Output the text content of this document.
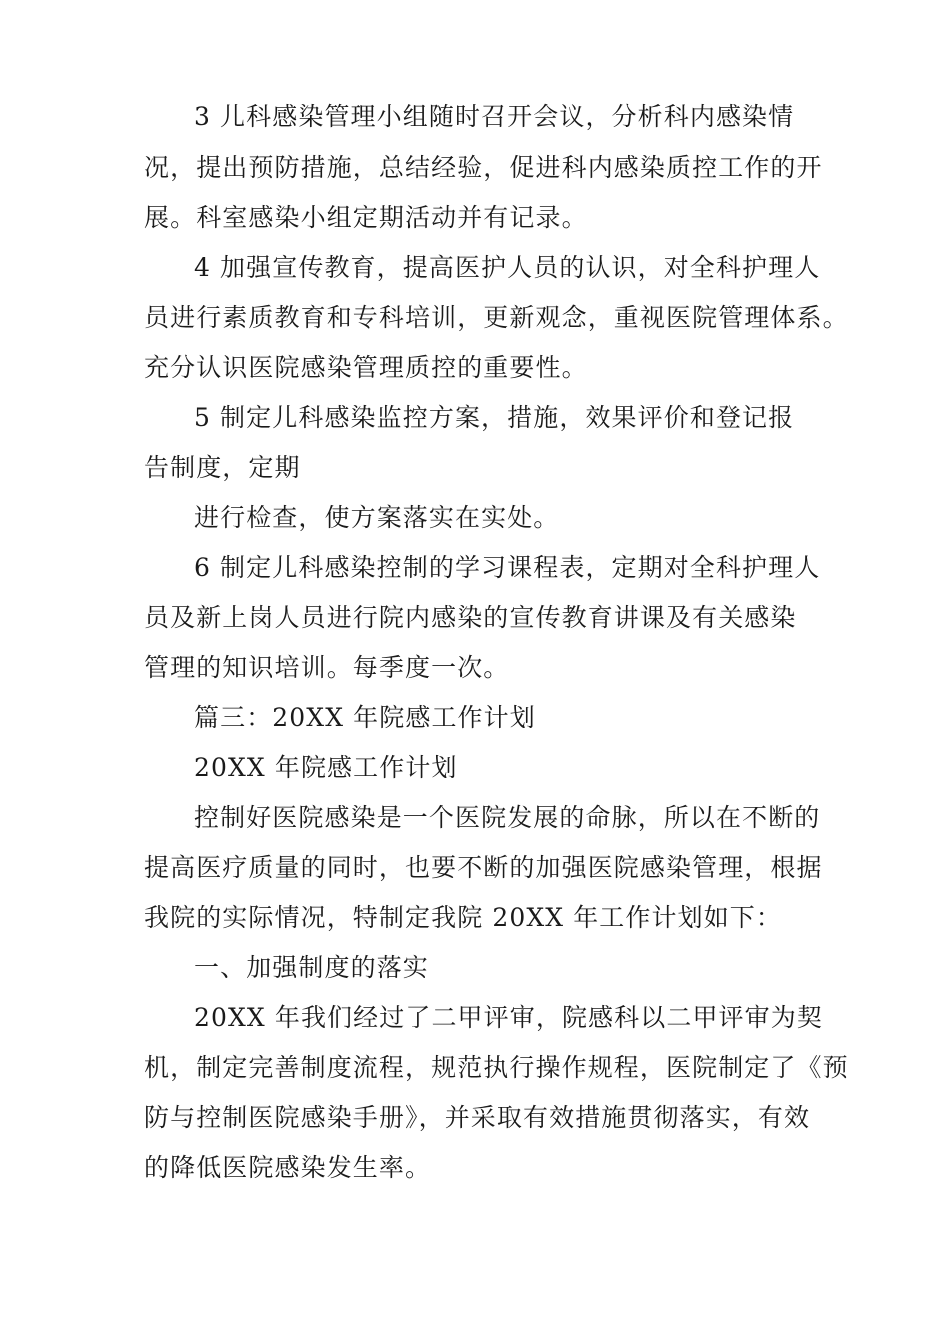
3 儿科感染管理小组随时召开会议，分析科内感染情
况，提出预防措施，总结经验，促进科内感染质控工作的开
展。科室感染小组定期活动并有记录。
4 加强宣传教育，提高医护人员的认识，对全科护理人
员进行素质教育和专科培训，更新观念，重视医院管理体系。
充分认识医院感染管理质控的重要性。
5 制定儿科感染监控方案，措施，效果评价和登记报
告制度，定期
进行检查，使方案落实在实处。
6 制定儿科感染控制的学习课程表，定期对全科护理人
员及新上岗人员进行院内感染的宣传教育讲课及有关感染
管理的知识培训。每季度一次。
篇三：20XX 年院感工作计划
20XX 年院感工作计划
控制好医院感染是一个医院发展的命脉，所以在不断的
提高医疗质量的同时，也要不断的加强医院感染管理，根据
我院的实际情况，特制定我院 20XX 年工作计划如下：
一、加强制度的落实
20XX 年我们经过了二甲评审，院感科以二甲评审为契
机，制定完善制度流程，规范执行操作规程，医院制定了《预
防与控制医院感染手册》，并采取有效措施贯彻落实，有效
的降低医院感染发生率。
